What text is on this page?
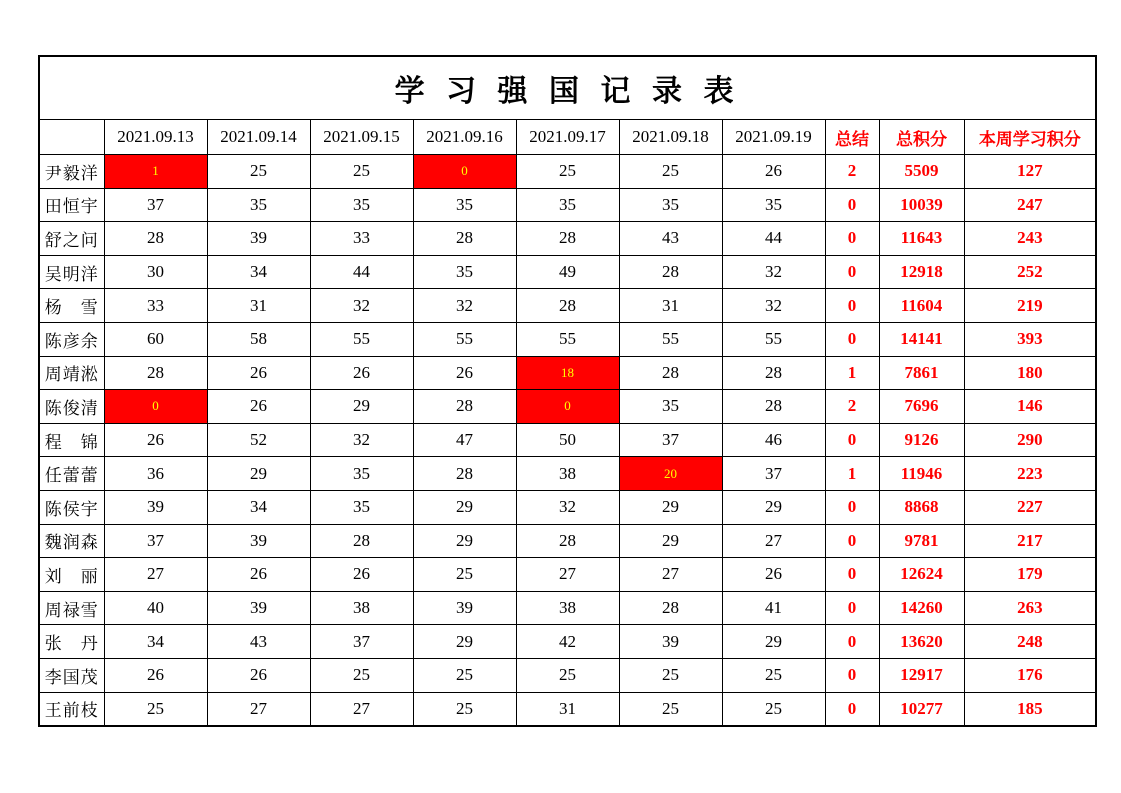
学 习 强 国 记 录 表										
	2021.09.13	2021.09.14	2021.09.15	2021.09.16	2021.09.17	2021.09.18	2021.09.19	总结	总积分	本周学习积分
尹毅洋	1	25	25	0	25	25	26	2	5509	127
田恒宇	37	35	35	35	35	35	35	0	10039	247
舒之问	28	39	33	28	28	43	44	0	11643	243
吴明洋	30	34	44	35	49	28	32	0	12918	252
杨　雪	33	31	32	32	28	31	32	0	11604	219
陈彦余	60	58	55	55	55	55	55	0	14141	393
周靖淞	28	26	26	26	18	28	28	1	7861	180
陈俊清	0	26	29	28	0	35	28	2	7696	146
程　锦	26	52	32	47	50	37	46	0	9126	290
任蕾蕾	36	29	35	28	38	20	37	1	11946	223
陈侯宇	39	34	35	29	32	29	29	0	8868	227
魏润森	37	39	28	29	28	29	27	0	9781	217
刘　丽	27	26	26	25	27	27	26	0	12624	179
周禄雪	40	39	38	39	38	28	41	0	14260	263
张　丹	34	43	37	29	42	39	29	0	13620	248
李国茂	26	26	25	25	25	25	25	0	12917	176
王前枝	25	27	27	25	31	25	25	0	10277	185
